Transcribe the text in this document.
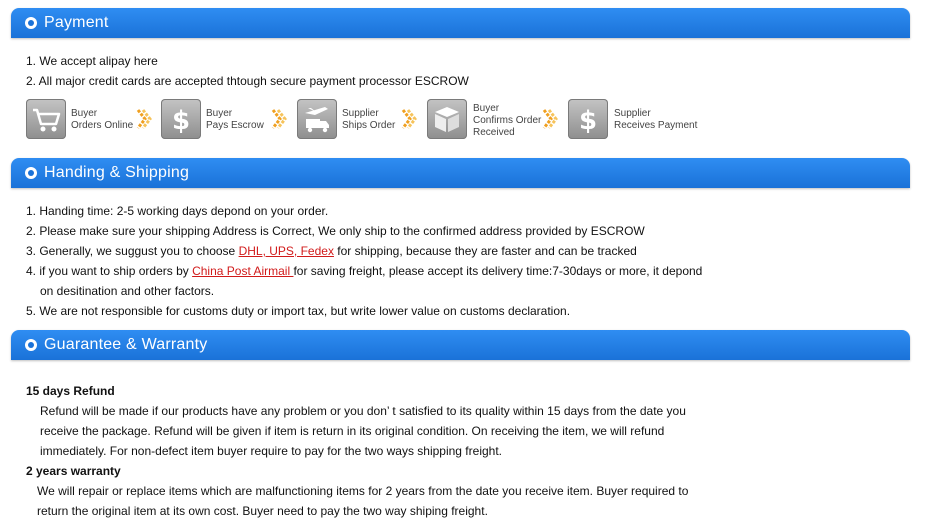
Payment
1. We accept alipay here
2. All major credit cards are accepted thtough secure payment processor ESCROW
Buyer
Orders Online $ Buyer
Pays Escrow
Supplier
Ships Order
Buyer
Confirms Order
Received $ Supplier
Receives Payment
Handing & Shipping
1. Handing time: 2-5 working days depond on your order.
2. Please make sure your shipping Address is Correct, We only ship to the confirmed address provided by ESCROW
3. Generally, we suggust you to choose DHL, UPS, Fedex for shipping, because they are faster and can be tracked
4. if you want to ship orders by China Post Airmail for saving freight, please accept its delivery time:7-30days or more, it depond
on desitination and other factors.
5. We are not responsible for customs duty or import tax, but write lower value on customs declaration.
Guarantee & Warranty
15 days Refund
Refund will be made if our products have any problem or you don’ t satisfied to its quality within 15 days from the date you
receive the package. Refund will be given if item is return in its original condition. On receiving the item, we will refund
immediately. For non-defect item buyer require to pay for the two ways shipping freight.
2 years warranty
We will repair or replace items which are malfunctioning items for 2 years from the date you receive item. Buyer required to
return the original item at its own cost. Buyer need to pay the two way shiping freight.
